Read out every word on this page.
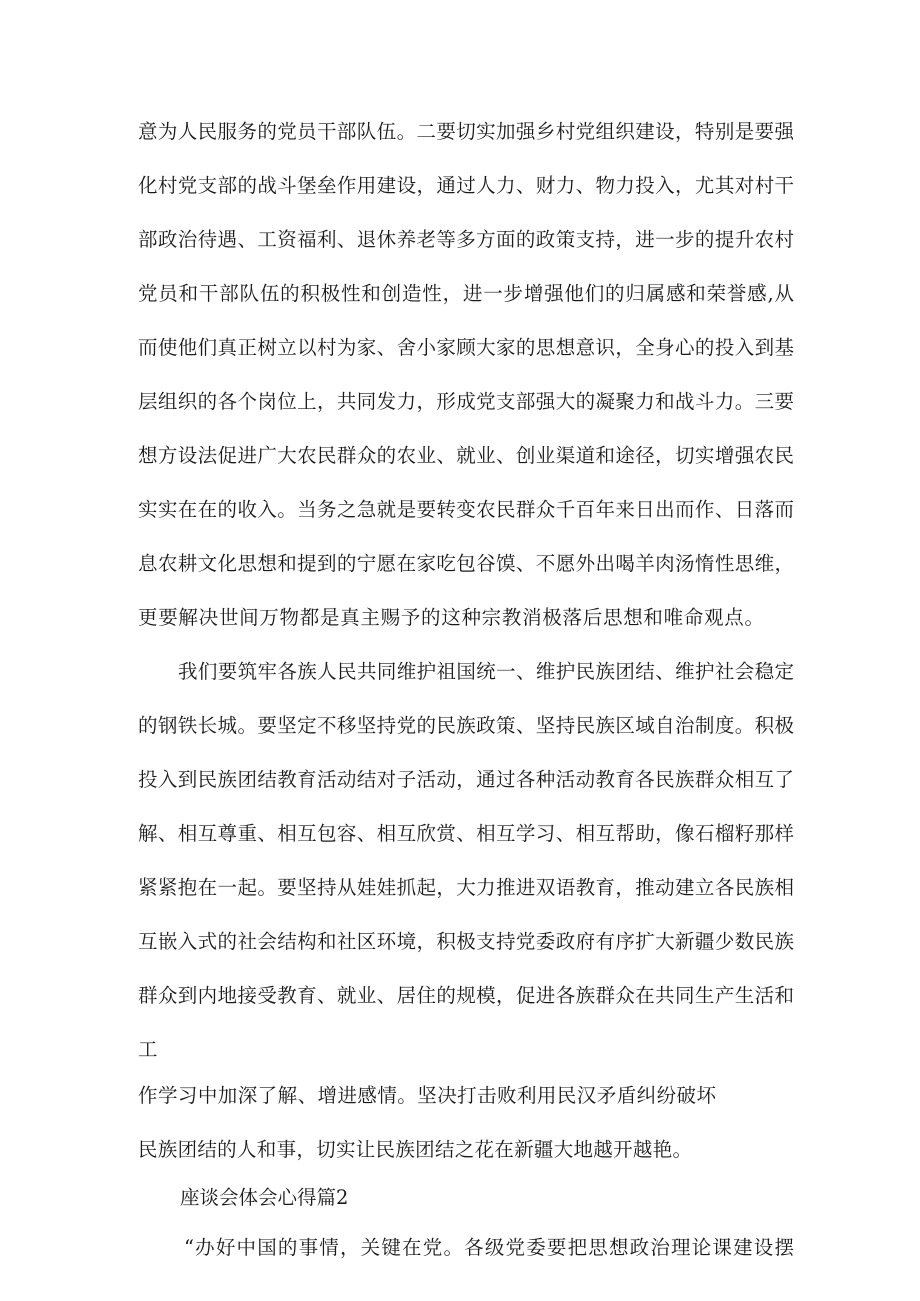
意为人民服务的党员干部队伍。二要切实加强乡村党组织建设，特别是要强
化村党支部的战斗堡垒作用建设，通过人力、财力、物力投入，尤其对村干
部政治待遇、工资福利、退休养老等多方面的政策支持，进一步的提升农村
党员和干部队伍的积极性和创造性，进一步增强他们的归属感和荣誉感,从
而使他们真正树立以村为家、舍小家顾大家的思想意识，全身心的投入到基
层组织的各个岗位上，共同发力，形成党支部强大的凝聚力和战斗力。三要
想方设法促进广大农民群众的农业、就业、创业渠道和途径，切实增强农民
实实在在的收入。当务之急就是要转变农民群众千百年来日出而作、日落而
息农耕文化思想和提到的宁愿在家吃包谷馍、不愿外出喝羊肉汤惰性思维，
更要解决世间万物都是真主赐予的这种宗教消极落后思想和唯命观点。
我们要筑牢各族人民共同维护祖国统一、维护民族团结、维护社会稳定
的钢铁长城。要坚定不移坚持党的民族政策、坚持民族区域自治制度。积极
投入到民族团结教育活动结对子活动，通过各种活动教育各民族群众相互了
解、相互尊重、相互包容、相互欣赏、相互学习、相互帮助，像石榴籽那样
紧紧抱在一起。要坚持从娃娃抓起，大力推进双语教育，推动建立各民族相
互嵌入式的社会结构和社区环境，积极支持党委政府有序扩大新疆少数民族
群众到内地接受教育、就业、居住的规模，促进各族群众在共同生产生活和
工
作学习中加深了解、增进感情。坚决打击败利用民汉矛盾纠纷破坏
民族团结的人和事，切实让民族团结之花在新疆大地越开越艳。
座谈会体会心得篇2
“办好中国的事情，关键在党。各级党委要把思想政治理论课建设摆
